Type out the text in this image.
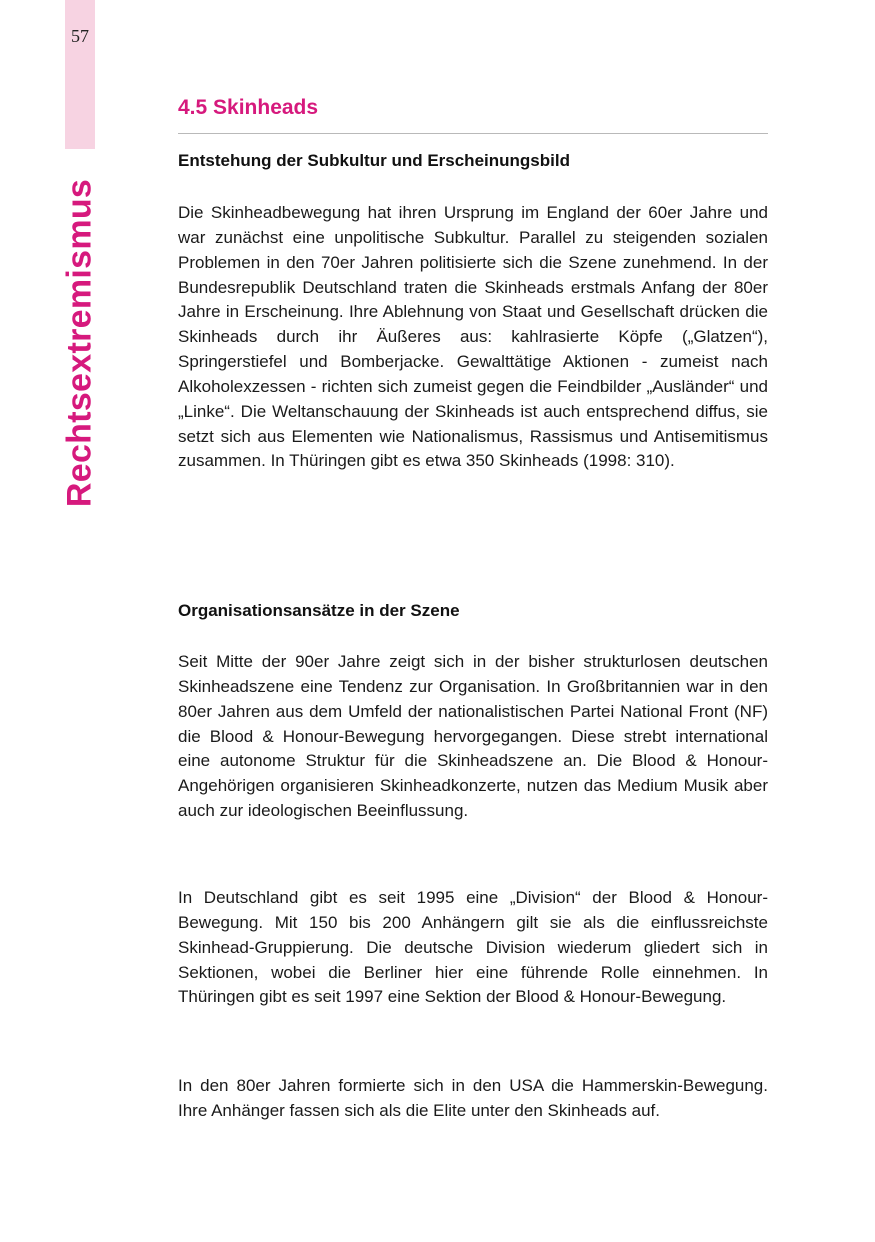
57
Rechtsextremismus
4.5 Skinheads
Entstehung der Subkultur und Erscheinungsbild

Die Skinheadbewegung hat ihren Ursprung im England der 60er Jahre und war zunächst eine unpolitische Subkultur. Parallel zu steigenden sozialen Problemen in den 70er Jahren politisierte sich die Szene zunehmend. In der Bundesrepublik Deutschland traten die Skinheads erstmals Anfang der 80er Jahre in Erscheinung. Ihre Ablehnung von Staat und Gesellschaft drücken die Skinheads durch ihr Äußeres aus: kahlrasierte Köpfe („Glatzen“), Springerstiefel und Bomberjacke. Gewalttätige Aktionen - zumeist nach Alkoholexzessen - richten sich zumeist gegen die Feindbilder „Ausländer“ und „Linke“. Die Weltanschauung der Skinheads ist auch entsprechend diffus, sie setzt sich aus Elementen wie Nationalismus, Rassismus und Antisemitismus zusammen. In Thüringen gibt es etwa 350 Skinheads (1998: 310).

Organisationsansätze in der Szene

Seit Mitte der 90er Jahre zeigt sich in der bisher strukturlosen deutschen Skinheadszene eine Tendenz zur Organisation. In Großbritannien war in den 80er Jahren aus dem Umfeld der nationalistischen Partei National Front (NF) die Blood & Honour-Bewegung hervorgegangen. Diese strebt international eine autonome Struktur für die Skinheadszene an. Die Blood & Honour-Angehörigen organisieren Skinheadkonzerte, nutzen das Medium Musik aber auch zur ideologischen Beeinflussung.

In Deutschland gibt es seit 1995 eine „Division“ der Blood & Honour-Bewegung. Mit 150 bis 200 Anhängern gilt sie als die einflussreichste Skinhead-Gruppierung. Die deutsche Division wiederum gliedert sich in Sektionen, wobei die Berliner hier eine führende Rolle einnehmen. In Thüringen gibt es seit 1997 eine Sektion der Blood & Honour-Bewegung.

In den 80er Jahren formierte sich in den USA die Hammerskin-Bewegung. Ihre Anhänger fassen sich als die Elite unter den Skinheads auf.
